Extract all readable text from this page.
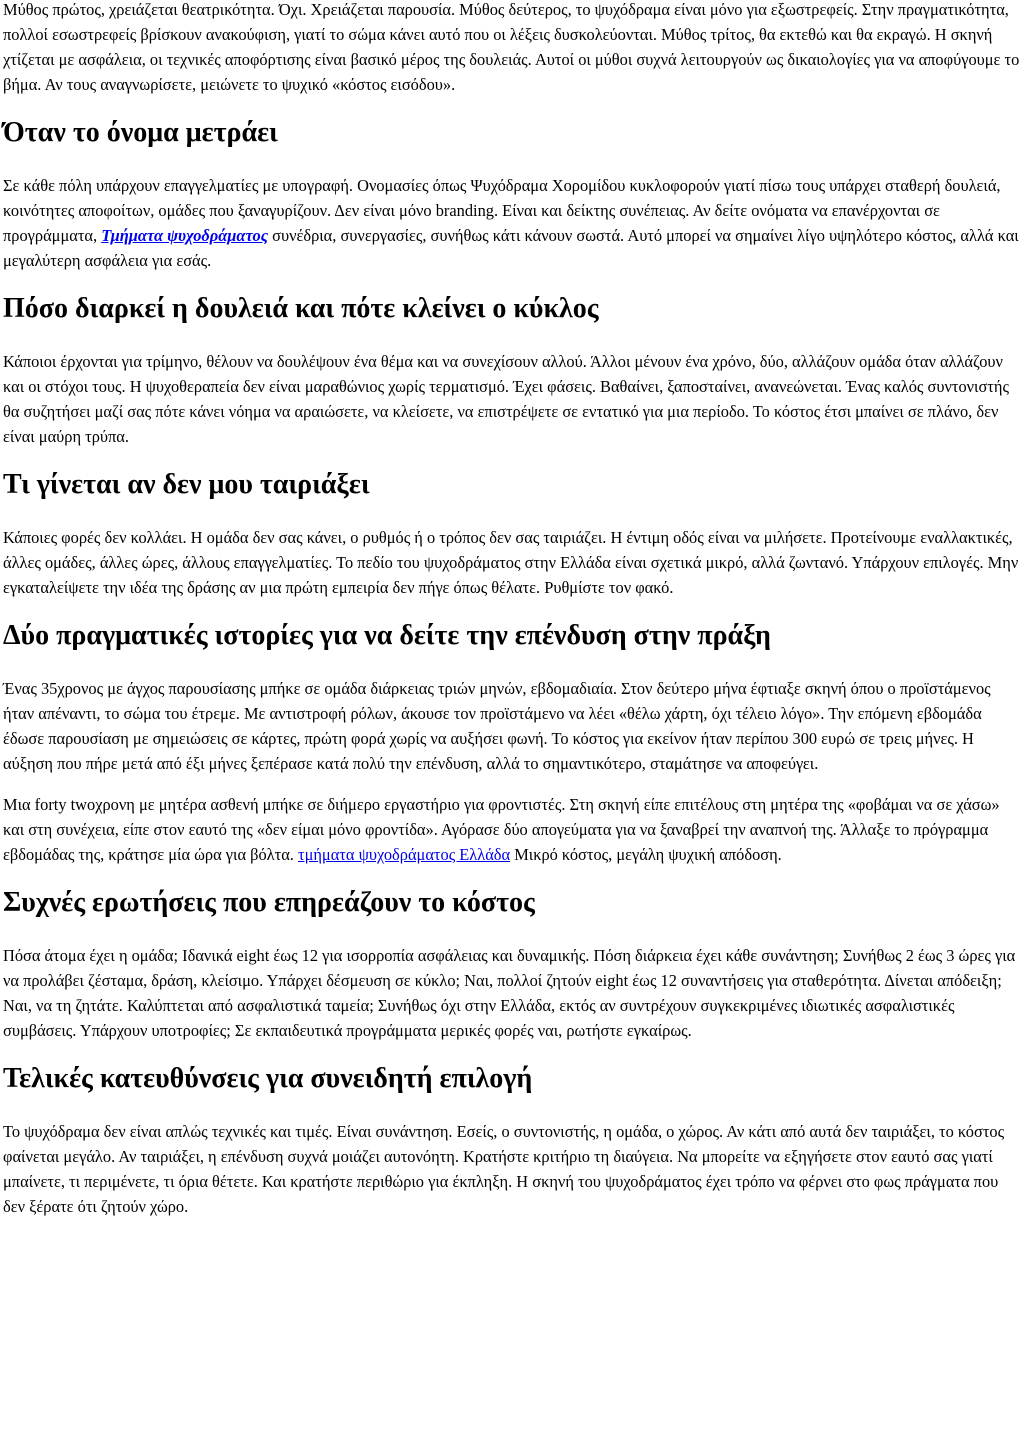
Μύθος πρώτος, χρειάζεται θεατρικότητα. Όχι. Χρειάζεται παρουσία. Μύθος δεύτερος, το ψυχόδραμα είναι μόνο για εξωστρεφείς. Στην πραγματικότητα, πολλοί εσωστρεφείς βρίσκουν ανακούφιση, γιατί το σώμα κάνει αυτό που οι λέξεις δυσκολεύονται. Μύθος τρίτος, θα εκτεθώ και θα εκραγώ. Η σκηνή χτίζεται με ασφάλεια, οι τεχνικές αποφόρτισης είναι βασικό μέρος της δουλειάς. Αυτοί οι μύθοι συχνά λειτουργούν ως δικαιολογίες για να αποφύγουμε το βήμα. Αν τους αναγνωρίσετε, μειώνετε το ψυχικό «κόστος εισόδου».

Όταν το όνομα μετράει

Σε κάθε πόλη υπάρχουν επαγγελματίες με υπογραφή. Ονομασίες όπως Ψυχόδραμα Χορομίδου κυκλοφορούν γιατί πίσω τους υπάρχει σταθερή δουλειά, κοινότητες αποφοίτων, ομάδες που ξαναγυρίζουν. Δεν είναι μόνο branding. Είναι και δείκτης συνέπειας. Αν δείτε ονόματα να επανέρχονται σε προγράμματα, Τμήματα ψυχοδράματος συνέδρια, συνεργασίες, συνήθως κάτι κάνουν σωστά. Αυτό μπορεί να σημαίνει λίγο υψηλότερο κόστος, αλλά και μεγαλύτερη ασφάλεια για εσάς.

Πόσο διαρκεί η δουλειά και πότε κλείνει ο κύκλος

Κάποιοι έρχονται για τρίμηνο, θέλουν να δουλέψουν ένα θέμα και να συνεχίσουν αλλού. Άλλοι μένουν ένα χρόνο, δύο, αλλάζουν ομάδα όταν αλλάζουν και οι στόχοι τους. Η ψυχοθεραπεία δεν είναι μαραθώνιος χωρίς τερματισμό. Έχει φάσεις. Βαθαίνει, ξαποσταίνει, ανανεώνεται. Ένας καλός συντονιστής θα συζητήσει μαζί σας πότε κάνει νόημα να αραιώσετε, να κλείσετε, να επιστρέψετε σε εντατικό για μια περίοδο. Το κόστος έτσι μπαίνει σε πλάνο, δεν είναι μαύρη τρύπα.

Τι γίνεται αν δεν μου ταιριάξει

Κάποιες φορές δεν κολλάει. Η ομάδα δεν σας κάνει, ο ρυθμός ή ο τρόπος δεν σας ταιριάζει. Η έντιμη οδός είναι να μιλήσετε. Προτείνουμε εναλλακτικές, άλλες ομάδες, άλλες ώρες, άλλους επαγγελματίες. Το πεδίο του ψυχοδράματος στην Ελλάδα είναι σχετικά μικρό, αλλά ζωντανό. Υπάρχουν επιλογές. Μην εγκαταλείψετε την ιδέα της δράσης αν μια πρώτη εμπειρία δεν πήγε όπως θέλατε. Ρυθμίστε τον φακό.

Δύο πραγματικές ιστορίες για να δείτε την επένδυση στην πράξη

Ένας 35χρονος με άγχος παρουσίασης μπήκε σε ομάδα διάρκειας τριών μηνών, εβδομαδιαία. Στον δεύτερο μήνα έφτιαξε σκηνή όπου ο προϊστάμενος ήταν απέναντι, το σώμα του έτρεμε. Με αντιστροφή ρόλων, άκουσε τον προϊστάμενο να λέει «θέλω χάρτη, όχι τέλειο λόγο». Την επόμενη εβδομάδα έδωσε παρουσίαση με σημειώσεις σε κάρτες, πρώτη φορά χωρίς να αυξήσει φωνή. Το κόστος για εκείνον ήταν περίπου 300 ευρώ σε τρεις μήνες. Η αύξηση που πήρε μετά από έξι μήνες ξεπέρασε κατά πολύ την επένδυση, αλλά το σημαντικότερο, σταμάτησε να αποφεύγει.

Μια forty twoχρονη με μητέρα ασθενή μπήκε σε διήμερο εργαστήριο για φροντιστές. Στη σκηνή είπε επιτέλους στη μητέρα της «φοβάμαι να σε χάσω» και στη συνέχεια, είπε στον εαυτό της «δεν είμαι μόνο φροντίδα». Αγόρασε δύο απογεύματα για να ξαναβρεί την αναπνοή της. Άλλαξε το πρόγραμμα εβδομάδας της, κράτησε μία ώρα για βόλτα. τμήματα ψυχοδράματος Ελλάδα Μικρό κόστος, μεγάλη ψυχική απόδοση.

Συχνές ερωτήσεις που επηρεάζουν το κόστος

Πόσα άτομα έχει η ομάδα; Ιδανικά eight έως 12 για ισορροπία ασφάλειας και δυναμικής. Πόση διάρκεια έχει κάθε συνάντηση; Συνήθως 2 έως 3 ώρες για να προλάβει ζέσταμα, δράση, κλείσιμο. Υπάρχει δέσμευση σε κύκλο; Ναι, πολλοί ζητούν eight έως 12 συναντήσεις για σταθερότητα. Δίνεται απόδειξη; Ναι, να τη ζητάτε. Καλύπτεται από ασφαλιστικά ταμεία; Συνήθως όχι στην Ελλάδα, εκτός αν συντρέχουν συγκεκριμένες ιδιωτικές ασφαλιστικές συμβάσεις. Υπάρχουν υποτροφίες; Σε εκπαιδευτικά προγράμματα μερικές φορές ναι, ρωτήστε εγκαίρως.

Τελικές κατευθύνσεις για συνειδητή επιλογή

Το ψυχόδραμα δεν είναι απλώς τεχνικές και τιμές. Είναι συνάντηση. Εσείς, ο συντονιστής, η ομάδα, ο χώρος. Αν κάτι από αυτά δεν ταιριάξει, το κόστος φαίνεται μεγάλο. Αν ταιριάξει, η επένδυση συχνά μοιάζει αυτονόητη. Κρατήστε κριτήριο τη διαύγεια. Να μπορείτε να εξηγήσετε στον εαυτό σας γιατί μπαίνετε, τι περιμένετε, τι όρια θέτετε. Και κρατήστε περιθώριο για έκπληξη. Η σκηνή του ψυχοδράματος έχει τρόπο να φέρνει στο φως πράγματα που δεν ξέρατε ότι ζητούν χώρο.
